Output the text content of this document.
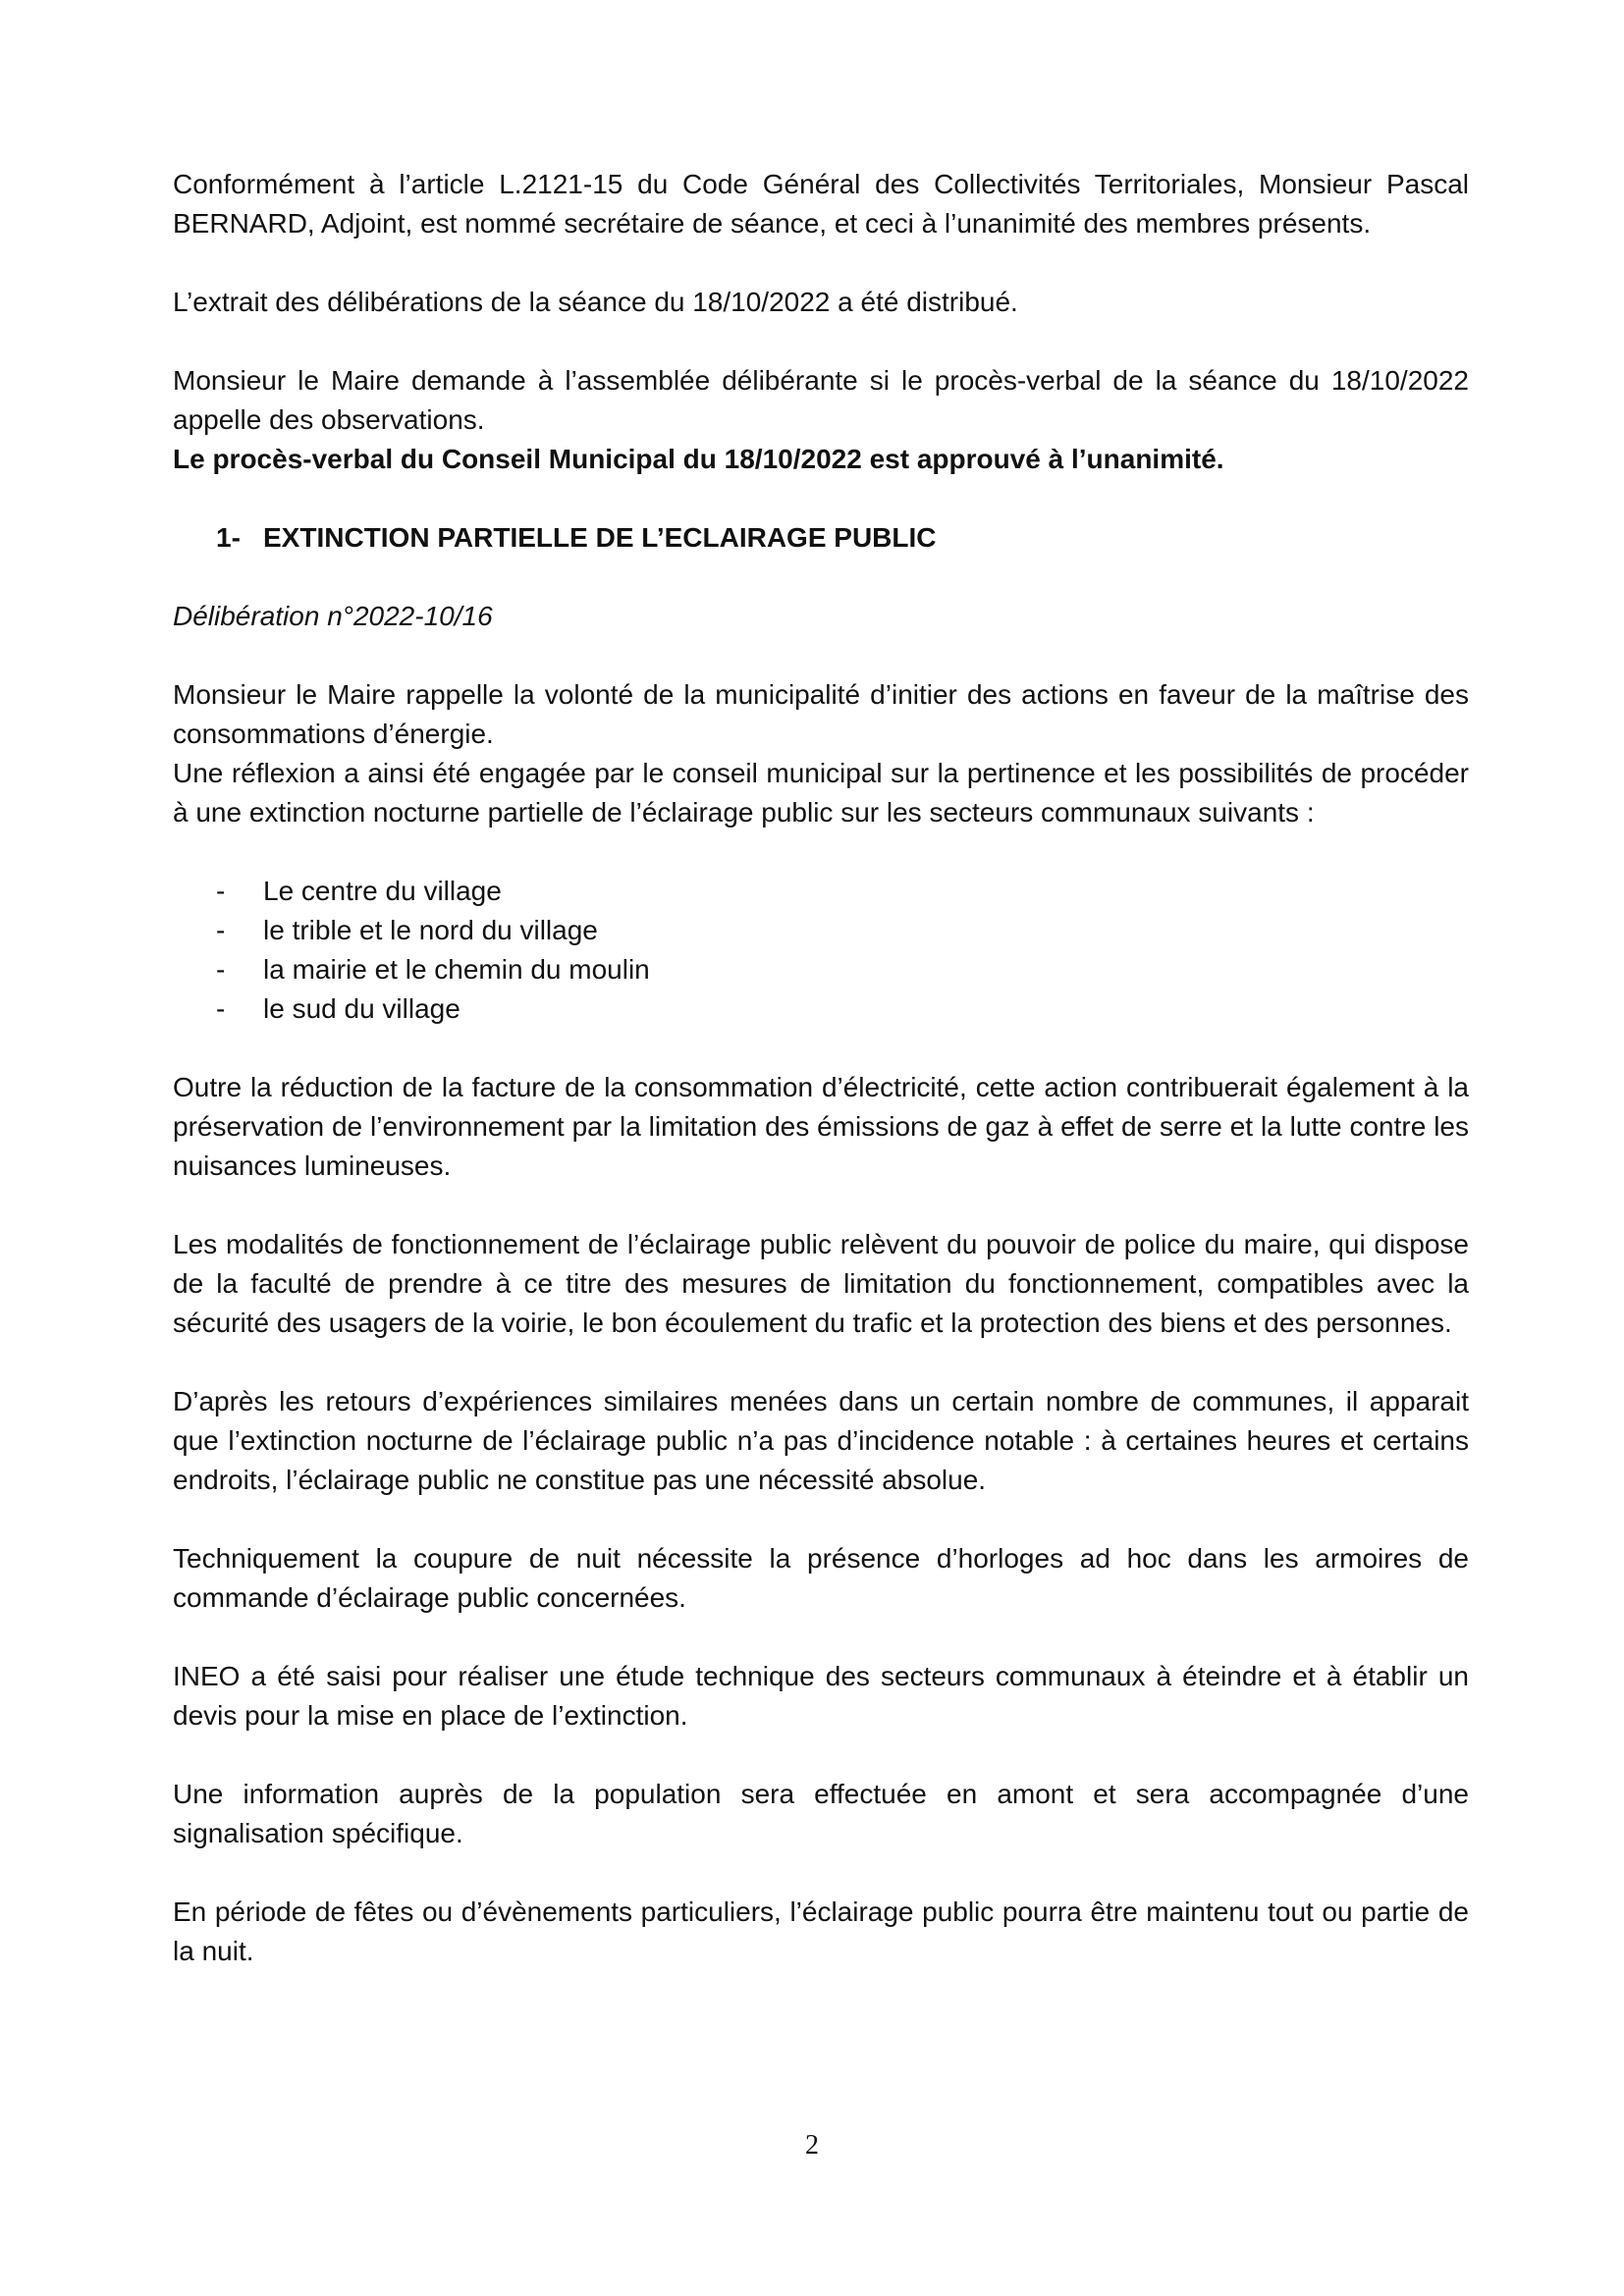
Conformément à l’article L.2121-15 du Code Général des Collectivités Territoriales, Monsieur Pascal BERNARD, Adjoint, est nommé secrétaire de séance, et ceci à l’unanimité des membres présents.

L’extrait des délibérations de la séance du 18/10/2022 a été distribué.

Monsieur le Maire demande à l’assemblée délibérante si le procès-verbal de la séance du 18/10/2022 appelle des observations.

Le procès-verbal du Conseil Municipal du 18/10/2022 est approuvé à l’unanimité.

1- EXTINCTION PARTIELLE DE L’ECLAIRAGE PUBLIC

Délibération n°2022-10/16

Monsieur le Maire rappelle la volonté de la municipalité d’initier des actions en faveur de la maîtrise des consommations d’énergie.

Une réflexion a ainsi été engagée par le conseil municipal sur la pertinence et les possibilités de procéder à une extinction nocturne partielle de l’éclairage public sur les secteurs communaux suivants :

- Le centre du village
- le trible et le nord du village
- la mairie et le chemin du moulin
- le sud du village

Outre la réduction de la facture de la consommation d’électricité, cette action contribuerait également à la préservation de l’environnement par la limitation des émissions de gaz à effet de serre et la lutte contre les nuisances lumineuses.

Les modalités de fonctionnement de l’éclairage public relèvent du pouvoir de police du maire, qui dispose de la faculté de prendre à ce titre des mesures de limitation du fonctionnement, compatibles avec la sécurité des usagers de la voirie, le bon écoulement du trafic et la protection des biens et des personnes.

D’après les retours d’expériences similaires menées dans un certain nombre de communes, il apparait que l’extinction nocturne de l’éclairage public n’a pas d’incidence notable : à certaines heures et certains endroits, l’éclairage public ne constitue pas une nécessité absolue.

Techniquement la coupure de nuit nécessite la présence d’horloges ad hoc dans les armoires de commande d’éclairage public concernées.

INEO a été saisi pour réaliser une étude technique des secteurs communaux à éteindre et à établir un devis pour la mise en place de l’extinction.

Une information auprès de la population sera effectuée en amont et sera accompagnée d’une signalisation spécifique.

En période de fêtes ou d’évènements particuliers, l’éclairage public pourra être maintenu tout ou partie de la nuit.

2
